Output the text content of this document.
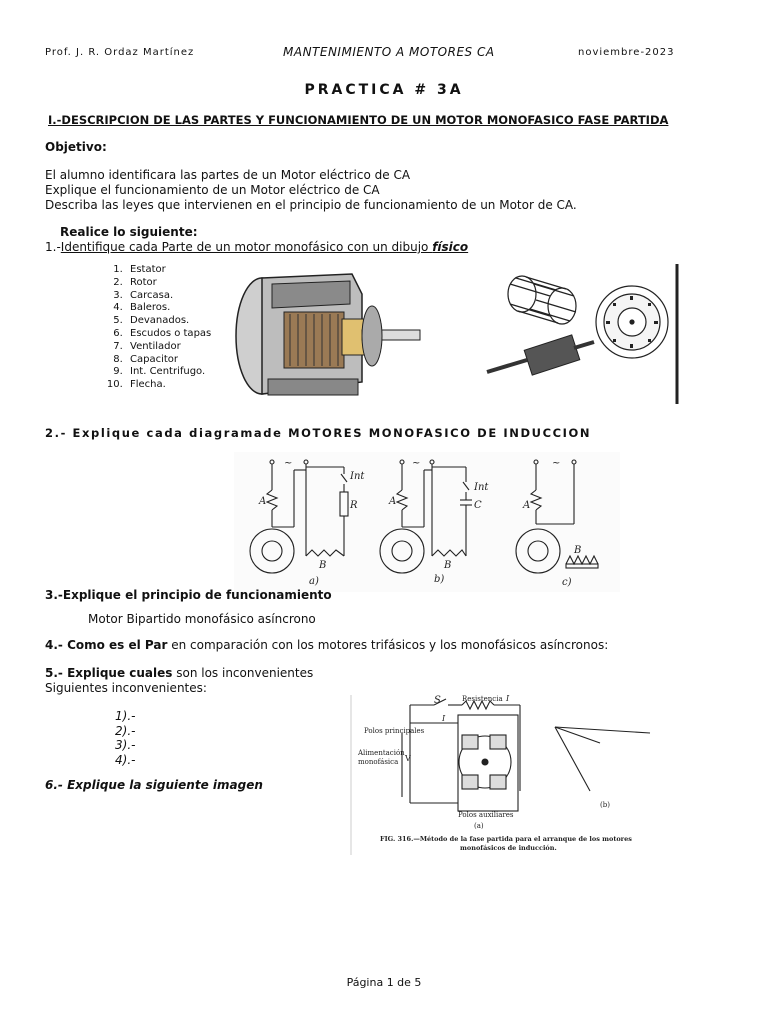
Prof. J. R. Ordaz Martínez	MANTENIMIENTO A MOTORES CA	noviembre-2023
PRACTICA # 3A
I.-DESCRIPCION DE LAS PARTES Y FUNCIONAMIENTO DE UN MOTOR MONOFASICO FASE PARTIDA
Objetivo:
El alumno identificara las partes de un Motor eléctrico de CA
Explique el funcionamiento de un Motor eléctrico de CA
Describa las leyes que intervienen en el principio de funcionamiento de un Motor de CA.
Realice lo siguiente:
1.-Identifique cada Parte de un motor monofásico con un dibujo físico
1. Estator
2. Rotor
3. Carcasa.
4. Baleros.
5. Devanados.
6. Escudos o tapas
7. Ventilador
8. Capacitor
9. Int. Centrifugo.
10. Flecha.
2.- Explique cada diagramade MOTORES MONOFASICO DE INDUCCION
~
Int
A	R
B
a)
~
Int
A	C
B
b)
~
A
B
c)
3.-Explique el principio de funcionamiento
Motor Bipartido monofásico asíncrono
4.- Como es el Par en comparación con los motores trifásicos y los monofásicos asíncronos:
5.- Explique cuales son los inconvenientes
Siguientes inconvenientes:
1).-
2).-
3).-
4).-
6.- Explique la siguiente imagen
S	Resistencia I
I
Polos principales
Alimentación
monofásica V
Polos auxiliares
(a)
(b)
FIG. 316.—Método de la fase partida para el arranque de los motores
monofásicos de inducción.
Página 1 de 5
